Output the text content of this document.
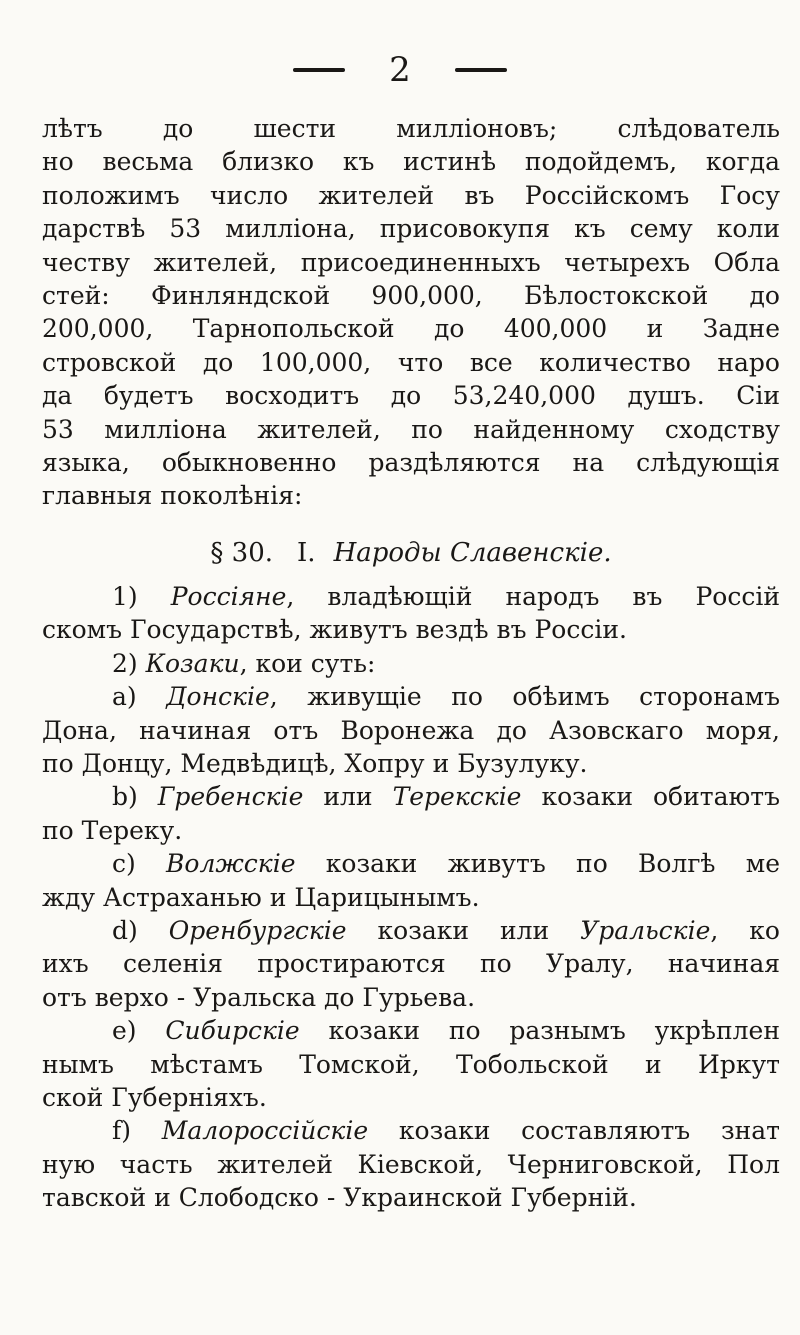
2
лѣтъ до шести милліоновъ; слѣдователь
но весьма близко къ истинѣ подойдемъ, когда
положимъ число жителей въ Россійскомъ Госу
дарствѣ 53 милліона, присовокупя къ сему коли
честву жителей, присоединенныхъ четырехъ Обла
стей: Финляндской 900,000, Бѣлостокской до
200,000, Тарнопольской до 400,000 и Задне
стровской до 100,000, что все количество наро
да будетъ восходитъ до 53,240,000 душъ. Сіи
53 милліона жителей, по найденному сходству
языка, обыкновенно раздѣляются на слѣдующія
главныя поколѣнія:
§ 30. I. Народы Славенскіе.
1) Россіяне, владѣющій народъ въ Россій
скомъ Государствѣ, живутъ вездѣ въ Россіи.
2) Козаки, кои суть:
a) Донскіе, живущіе по обѣимъ сторонамъ
Дона, начиная отъ Воронежа до Азовскаго моря,
по Донцу, Медвѣдицѣ, Хопру и Бузулуку.
b) Гребенскіе или Терекскіе козаки обитаютъ
по Тереку.
c) Волжскіе козаки живутъ по Волгѣ ме
жду Астраханью и Царицынымъ.
d) Оренбургскіе козаки или Уральскіе, ко
ихъ селенія простираются по Уралу, начиная
отъ верхо - Уральска до Гурьева.
e) Сибирскіе козаки по разнымъ укрѣплен
нымъ мѣстамъ Томской, Тобольской и Иркут
ской Губерніяхъ.
f) Малороссійскіе козаки составляютъ знат
ную часть жителей Кіевской, Черниговской, Пол
тавской и Слободско - Украинской Губерній.
